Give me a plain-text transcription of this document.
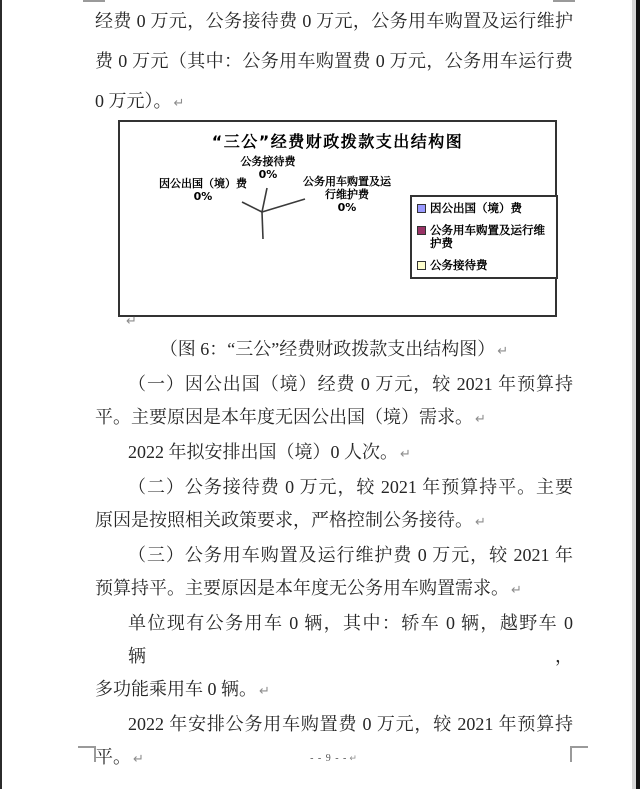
经费 0 万元，公务接待费 0 万元，公务用车购置及运行维护
费 0 万元（其中：公务用车购置费 0 万元，公务用车运行费
0 万元）。 ↵
“三公”经费财政拨款支出结构图
公务接待费
0%
因公出国（境）费
0%
公务用车购置及运
行维护费
0%	因公出国（境）费
公务用车购置及运行维护费
公务接待费
↵
（图 6：“三公”经费财政拨款支出结构图） ↵
（一）因公出国（境）经费 0 万元，较 2021 年预算持
平。主要原因是本年度无因公出国（境）需求。 ↵
2022 年拟安排出国（境）0 人次。 ↵
（二）公务接待费 0 万元，较 2021 年预算持平。主要
原因是按照相关政策要求，严格控制公务接待。 ↵
（三）公务用车购置及运行维护费 0 万元，较 2021 年
预算持平。主要原因是本年度无公务用车购置需求。 ↵
单位现有公务用车 0 辆，其中：轿车 0 辆，越野车 0 辆，
多功能乘用车 0 辆。 ↵
2022 年安排公务用车购置费 0 万元，较 2021 年预算持
平。 ↵	- - 9 - - ↵
